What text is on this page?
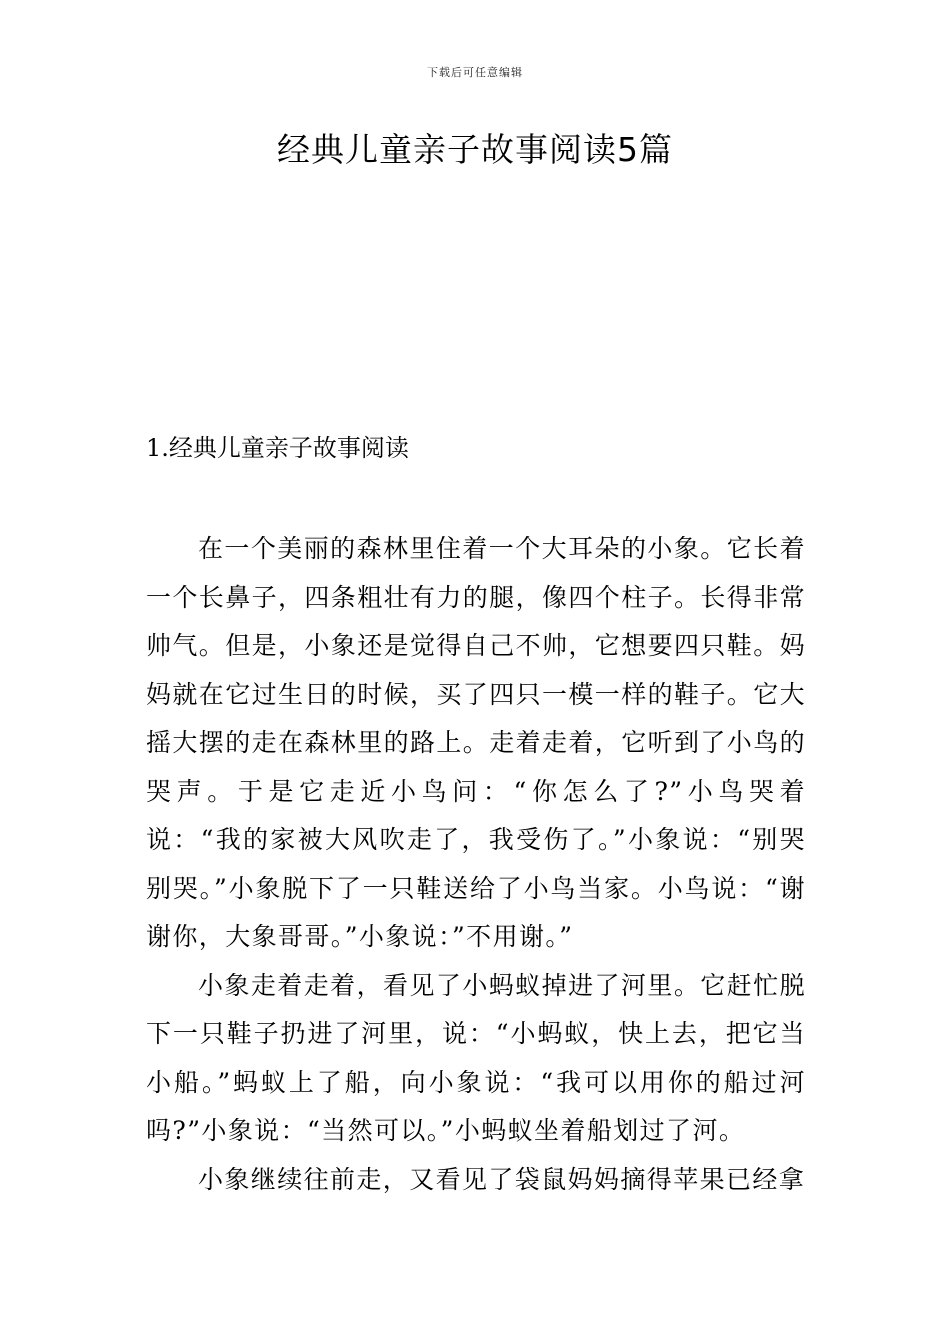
下载后可任意编辑
经典儿童亲子故事阅读5篇
1.经典儿童亲子故事阅读

在一个美丽的森林里住着一个大耳朵的小象。它长着一个长鼻子，四条粗壮有力的腿，像四个柱子。长得非常帅气。但是，小象还是觉得自己不帅，它想要四只鞋。妈妈就在它过生日的时候，买了四只一模一样的鞋子。它大摇大摆的走在森林里的路上。走着走着，它听到了小鸟的哭声。于是它走近小鸟问：“你怎么了?”小鸟哭着说：“我的家被大风吹走了，我受伤了。”小象说：“别哭别哭。”小象脱下了一只鞋送给了小鸟当家。小鸟说：“谢谢你，大象哥哥。”小象说：”不用谢。”

小象走着走着，看见了小蚂蚁掉进了河里。它赶忙脱下一只鞋子扔进了河里，说：“小蚂蚁，快上去，把它当小船。”蚂蚁上了船，向小象说：“我可以用你的船过河吗?”小象说：“当然可以。”小蚂蚁坐着船划过了河。

小象继续往前走，又看见了袋鼠妈妈摘得苹果已经拿
